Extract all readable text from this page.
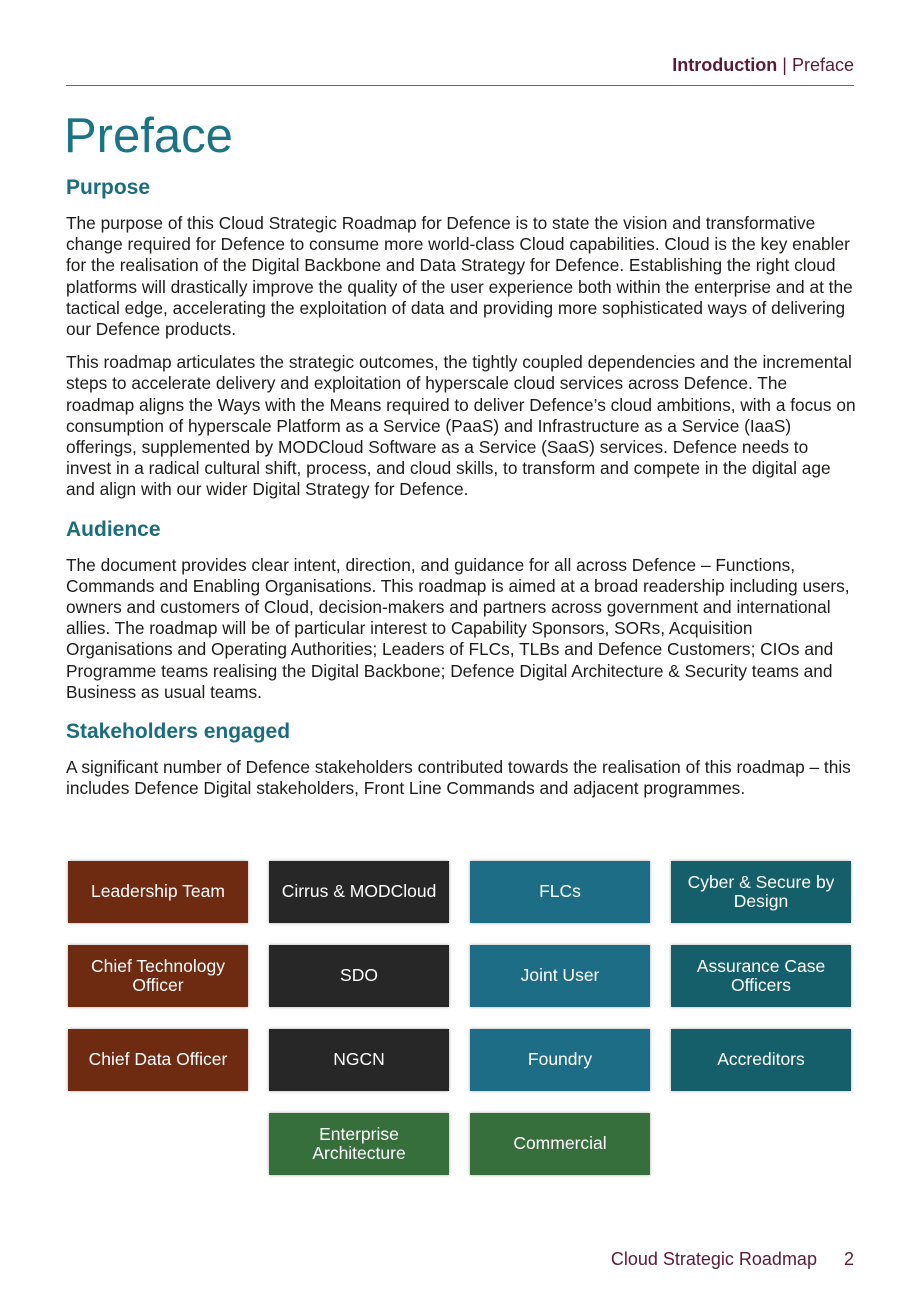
Introduction | Preface
Preface
Purpose

The purpose of this Cloud Strategic Roadmap for Defence is to state the vision and transformative change required for Defence to consume more world-class Cloud capabilities. Cloud is the key enabler for the realisation of the Digital Backbone and Data Strategy for Defence. Establishing the right cloud platforms will drastically improve the quality of the user experience both within the enterprise and at the tactical edge, accelerating the exploitation of data and providing more sophisticated ways of delivering our Defence products.

This roadmap articulates the strategic outcomes, the tightly coupled dependencies and the incremental steps to accelerate delivery and exploitation of hyperscale cloud services across Defence. The roadmap aligns the Ways with the Means required to deliver Defence’s cloud ambitions, with a focus on consumption of hyperscale Platform as a Service (PaaS) and Infrastructure as a Service (IaaS) offerings, supplemented by MODCloud Software as a Service (SaaS) services. Defence needs to invest in a radical cultural shift, process, and cloud skills, to transform and compete in the digital age and align with our wider Digital Strategy for Defence.

Audience

The document provides clear intent, direction, and guidance for all across Defence – Functions, Commands and Enabling Organisations. This roadmap is aimed at a broad readership including users, owners and customers of Cloud, decision-makers and partners across government and international allies. The roadmap will be of particular interest to Capability Sponsors, SORs, Acquisition Organisations and Operating Authorities; Leaders of FLCs, TLBs and Defence Customers; CIOs and Programme teams realising the Digital Backbone; Defence Digital Architecture & Security teams and Business as usual teams.

Stakeholders engaged

A significant number of Defence stakeholders contributed towards the realisation of this roadmap – this includes Defence Digital stakeholders, Front Line Commands and adjacent programmes.

Leadership Team
Chief Technology Officer
Chief Data Officer
Cirrus & MODCloud
SDO
NGCN
Enterprise Architecture
FLCs
Joint User
Foundry
Commercial
Cyber & Secure by Design
Assurance Case Officers
Accreditors
Cloud Strategic Roadmap 2
